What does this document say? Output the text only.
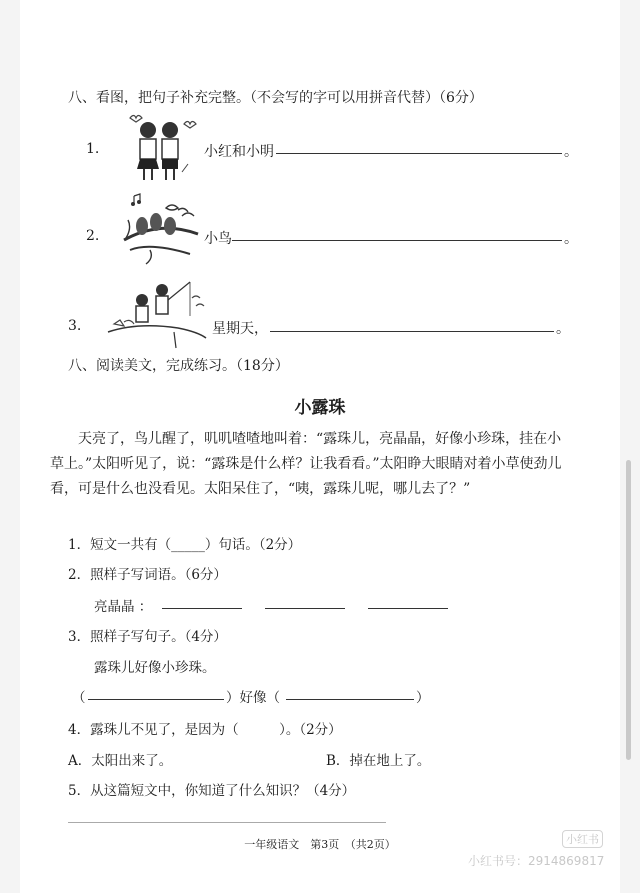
八、看图，把句子补充完整。（不会写的字可以用拼音代替）（6分）
1.	小红和小明	。
2.	小鸟	。
3.	星期天，	。
八、阅读美文，完成练习。（18分）
小露珠
天亮了，鸟儿醒了，叽叽喳喳地叫着：“露珠儿，亮晶晶，好像小珍珠，挂在小草上。”太阳听见了，说：“露珠是什么样？让我看看。”太阳睁大眼睛对着小草使劲儿看，可是什么也没看见。太阳呆住了，“咦，露珠儿呢，哪儿去了？”
1．短文一共有（_____）句话。（2分）
2．照样子写词语。（6分）
亮晶晶 ：
3．照样子写句子。（4分）
露珠儿好像小珍珠。
（	）好像（	）
4．露珠儿不见了，是因为（　　　）。（2分）
A．太阳出来了。	B．掉在地上了。
5．从这篇短文中，你知道了什么知识？（4分）
一年级语文　第3页　（共2页）	小红书
小红书号：2914869817
